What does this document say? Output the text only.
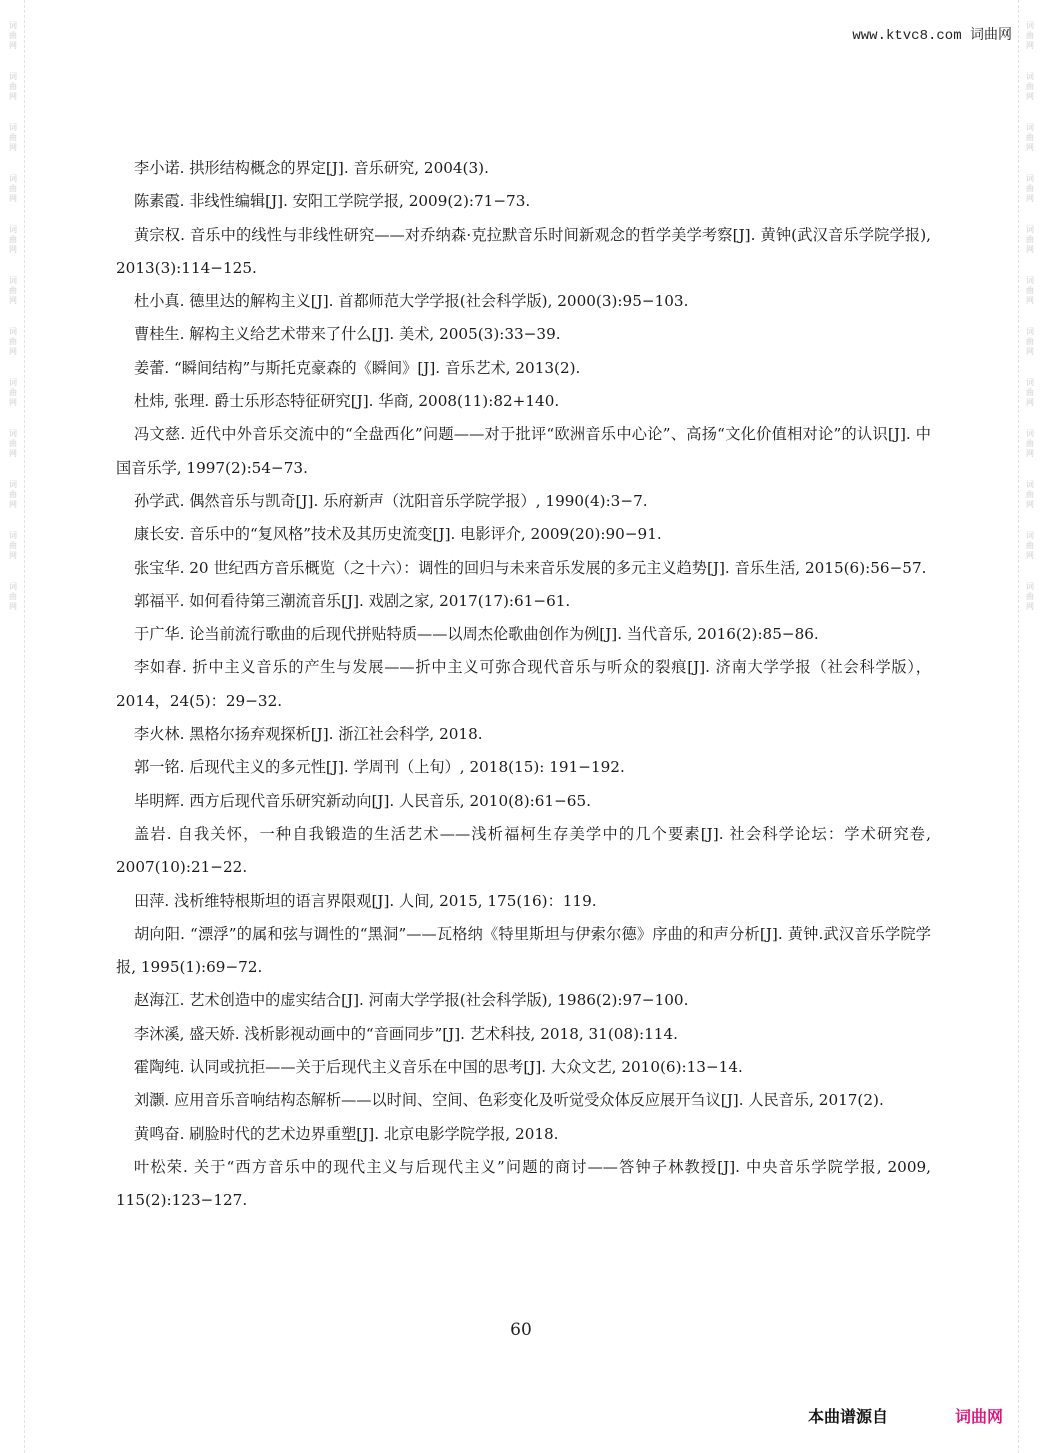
词曲网
词曲网
词曲网
词曲网
词曲网
词曲网
词曲网
词曲网
词曲网
词曲网
词曲网
词曲网
词曲网
词曲网
词曲网
词曲网
词曲网
词曲网
词曲网
词曲网
词曲网
词曲网
词曲网
词曲网
www.ktvc8.com 词曲网

李小诺. 拱形结构概念的界定[J]. 音乐研究, 2004(3).

陈素霞. 非线性编辑[J]. 安阳工学院学报, 2009(2):71−73.

黄宗权. 音乐中的线性与非线性研究——对乔纳森·克拉默音乐时间新观念的哲学美学考察[J]. 黄钟(武汉音乐学院学报), 2013(3):114−125.

杜小真. 德里达的解构主义[J]. 首都师范大学学报(社会科学版), 2000(3):95−103.

曹桂生. 解构主义给艺术带来了什么[J]. 美术, 2005(3):33−39.

姜蕾. “瞬间结构”与斯托克豪森的《瞬间》[J]. 音乐艺术, 2013(2).

杜炜, 张理. 爵士乐形态特征研究[J]. 华商, 2008(11):82+140.

冯文慈. 近代中外音乐交流中的“全盘西化”问题——对于批评“欧洲音乐中心论”、高扬“文化价值相对论”的认识[J]. 中国音乐学, 1997(2):54−73.

孙学武. 偶然音乐与凯奇[J]. 乐府新声（沈阳音乐学院学报）, 1990(4):3−7.

康长安. 音乐中的“复风格”技术及其历史流变[J]. 电影评介, 2009(20):90−91.

张宝华. 20 世纪西方音乐概览（之十六）：调性的回归与未来音乐发展的多元主义趋势[J]. 音乐生活, 2015(6):56−57.

郭福平. 如何看待第三潮流音乐[J]. 戏剧之家, 2017(17):61−61.

于广华. 论当前流行歌曲的后现代拼贴特质——以周杰伦歌曲创作为例[J]. 当代音乐, 2016(2):85−86.

李如春. 折中主义音乐的产生与发展——折中主义可弥合现代音乐与听众的裂痕[J]. 济南大学学报（社会科学版），2014，24(5)：29−32.

李火林. 黑格尔扬弃观探析[J]. 浙江社会科学, 2018.

郭一铭. 后现代主义的多元性[J]. 学周刊（上旬）, 2018(15): 191−192.

毕明辉. 西方后现代音乐研究新动向[J]. 人民音乐, 2010(8):61−65.

盖岩. 自我关怀，一种自我锻造的生活艺术——浅析福柯生存美学中的几个要素[J]. 社会科学论坛：学术研究卷, 2007(10):21−22.

田萍. 浅析维特根斯坦的语言界限观[J]. 人间, 2015, 175(16)：119.

胡向阳. “漂浮”的属和弦与调性的“黑洞”——瓦格纳《特里斯坦与伊索尔德》序曲的和声分析[J]. 黄钟.武汉音乐学院学报, 1995(1):69−72.

赵海江. 艺术创造中的虚实结合[J]. 河南大学学报(社会科学版), 1986(2):97−100.

李沐溪, 盛天娇. 浅析影视动画中的“音画同步”[J]. 艺术科技, 2018, 31(08):114.

霍陶纯. 认同或抗拒——关于后现代主义音乐在中国的思考[J]. 大众文艺, 2010(6):13−14.

刘灏. 应用音乐音响结构态解析——以时间、空间、色彩变化及听觉受众体反应展开刍议[J]. 人民音乐, 2017(2).

黄鸣奋. 刷脸时代的艺术边界重塑[J]. 北京电影学院学报, 2018.

叶松荣. 关于“西方音乐中的现代主义与后现代主义”问题的商讨——答钟子林教授[J]. 中央音乐学院学报, 2009, 115(2):123−127.

60
本曲谱源自	词曲网
